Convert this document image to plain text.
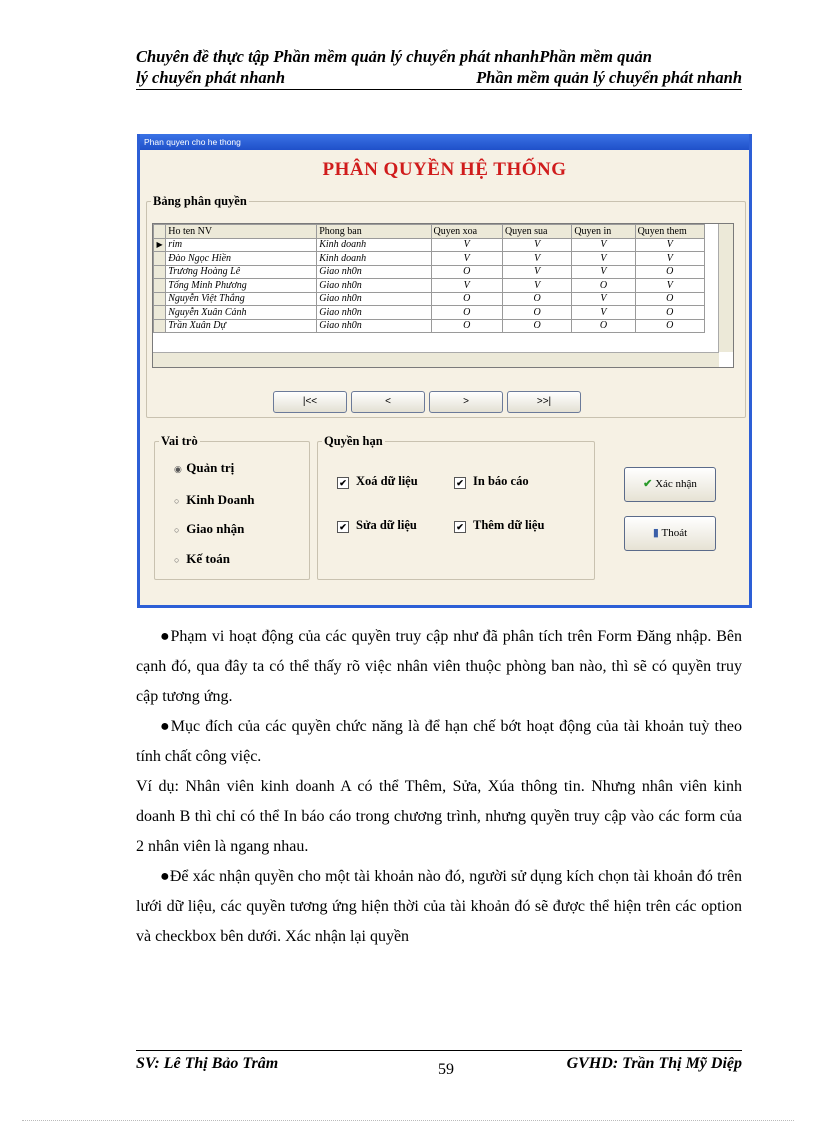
Chuyên đề thực tập Phần mềm quản lý chuyển phát nhanhPhần mềm quản
lý chuyển phát nhanh	Phần mềm quản lý chuyển phát nhanh
Phan quyen cho he thong
PHÂN QUYỀN HỆ THỐNG
Bảng phân quyền
	Ho ten NV	Phong ban	Quyen xoa	Quyen sua	Quyen in	Quyen them
▶	rim	Kinh doanh	V	V	V	V
	Đào Ngọc Hiền	Kinh doanh	V	V	V	V
	Trương Hoàng Lê	Giao nh0n	O	V	V	O
	Tống Minh Phương	Giao nh0n	V	V	O	V
	Nguyễn Việt Thắng	Giao nh0n	O	O	V	O
	Nguyễn Xuân Cảnh	Giao nh0n	O	O	V	O
	Trần Xuân Dự	Giao nh0n	O	O	O	O
|<<	<	>	>>|
Vai trò
◉ Quản trị
○ Kinh Doanh
○ Giao nhận
○ Kế toán
Quyền hạn
✔ Xoá dữ liệu	✔ In báo cáo
✔ Sửa dữ liệu	✔ Thêm dữ liệu
✔ Xác nhận
▮ Thoát
●Phạm vi hoạt động của các quyền truy cập như đã phân tích trên Form Đăng nhập. Bên cạnh đó, qua đây ta có thể thấy rõ việc nhân viên thuộc phòng ban nào, thì sẽ có quyền truy cập tương ứng.
●Mục đích của các quyền chức năng là để hạn chế bớt hoạt động của tài khoản tuỳ theo tính chất công việc.
Ví dụ: Nhân viên kinh doanh A có thể Thêm, Sửa, Xúa thông tin. Nhưng nhân viên kinh doanh B thì chỉ có thể In báo cáo trong chương trình, nhưng quyền truy cập vào các form của 2 nhân viên là ngang nhau.
●Để xác nhận quyền cho một tài khoản nào đó, người sử dụng kích chọn tài khoản đó trên lưới dữ liệu, các quyền tương ứng hiện thời của tài khoản đó sẽ được thể hiện trên các option và checkbox bên dưới. Xác nhận lại quyền
SV: Lê Thị Bảo Trâm	59	GVHD: Trần Thị Mỹ Diệp
